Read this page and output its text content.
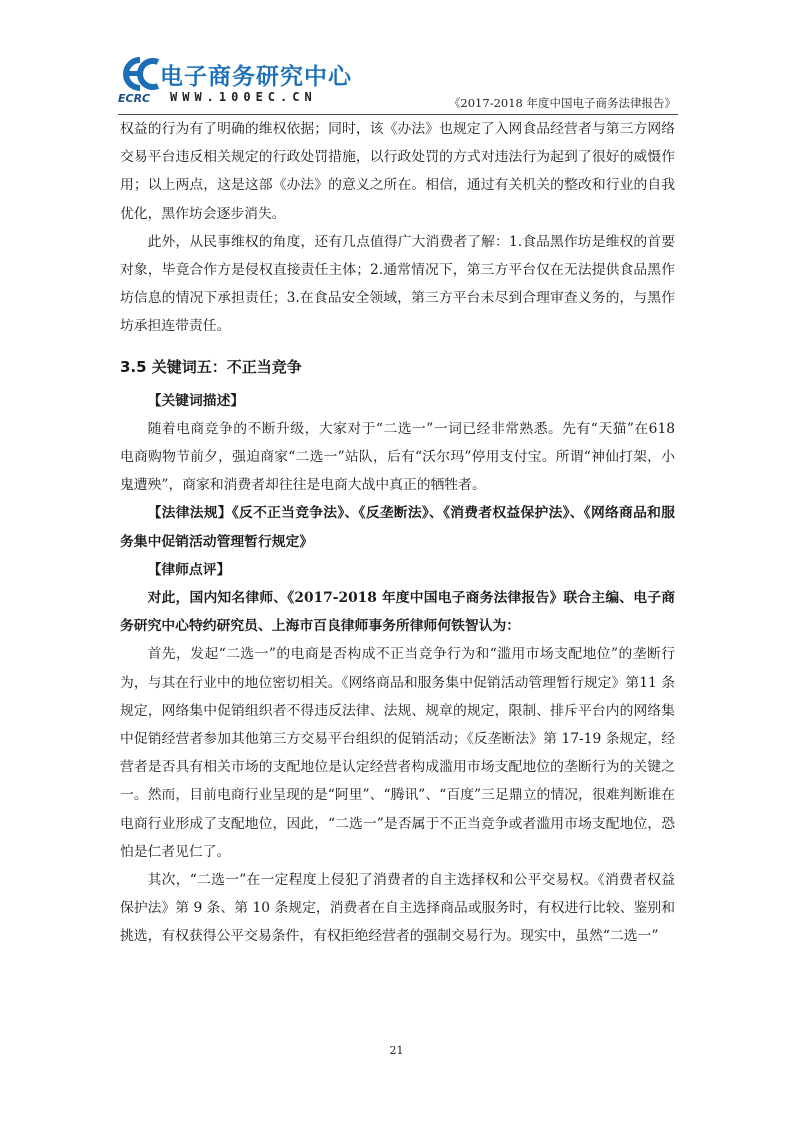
电子商务研究中心
ECRC WWW.100EC.CN	《2017-2018 年度中国电子商务法律报告》

权益的行为有了明确的维权依据；同时，该《办法》也规定了入网食品经营者与第三方网络交易平台违反相关规定的行政处罚措施，以行政处罚的方式对违法行为起到了很好的威慑作用；以上两点，这是这部《办法》的意义之所在。相信，通过有关机关的整改和行业的自我优化，黑作坊会逐步消失。

此外，从民事维权的角度，还有几点值得广大消费者了解：1.食品黑作坊是维权的首要对象，毕竟合作方是侵权直接责任主体；2.通常情况下，第三方平台仅在无法提供食品黑作坊信息的情况下承担责任；3.在食品安全领域，第三方平台未尽到合理审查义务的，与黑作坊承担连带责任。

3.5 关键词五：不正当竞争

【关键词描述】

随着电商竞争的不断升级，大家对于“二选一”一词已经非常熟悉。先有“天猫”在618 电商购物节前夕，强迫商家“二选一”站队，后有“沃尔玛”停用支付宝。所谓“神仙打架，小鬼遭殃”，商家和消费者却往往是电商大战中真正的牺牲者。

【法律法规】《反不正当竞争法》、《反垄断法》、《消费者权益保护法》、《网络商品和服务集中促销活动管理暂行规定》

【律师点评】

对此，国内知名律师、《2017-2018 年度中国电子商务法律报告》联合主编、电子商务研究中心特约研究员、上海市百良律师事务所律师何铁智认为：

首先，发起“二选一”的电商是否构成不正当竞争行为和“滥用市场支配地位”的垄断行为，与其在行业中的地位密切相关。《网络商品和服务集中促销活动管理暂行规定》第11 条规定，网络集中促销组织者不得违反法律、法规、规章的规定，限制、排斥平台内的网络集中促销经营者参加其他第三方交易平台组织的促销活动；《反垄断法》第 17-19 条规定，经营者是否具有相关市场的支配地位是认定经营者构成滥用市场支配地位的垄断行为的关键之一。然而，目前电商行业呈现的是“阿里”、“腾讯”、“百度”三足鼎立的情况，很难判断谁在电商行业形成了支配地位，因此，“二选一”是否属于不正当竞争或者滥用市场支配地位，恐怕是仁者见仁了。

其次，“二选一”在一定程度上侵犯了消费者的自主选择权和公平交易权。《消费者权益保护法》第 9 条、第 10 条规定，消费者在自主选择商品或服务时，有权进行比较、鉴别和挑选，有权获得公平交易条件，有权拒绝经营者的强制交易行为。现实中，虽然“二选一”

21
